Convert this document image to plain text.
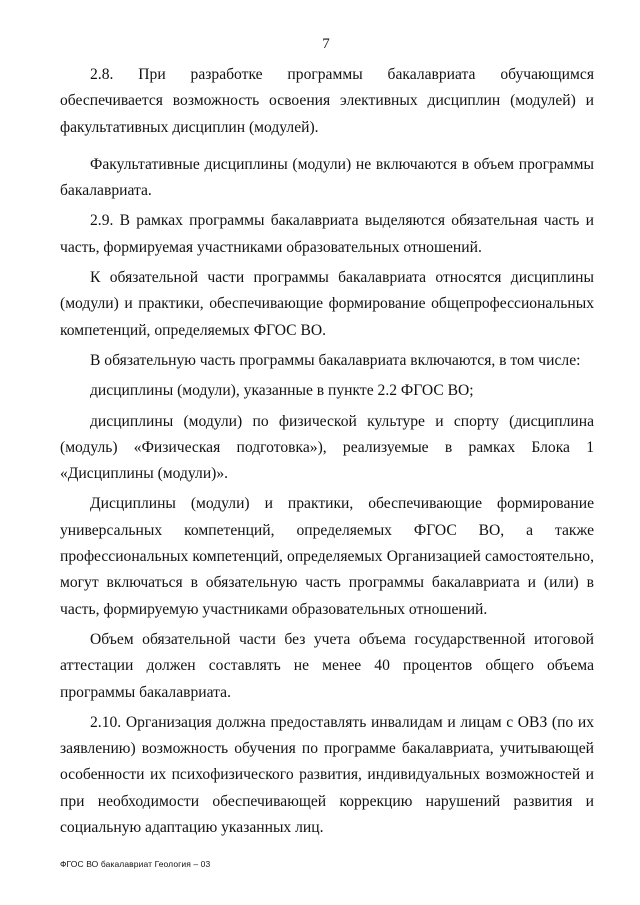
7

2.8. При разработке программы бакалавриата обучающимся обеспечивается возможность освоения элективных дисциплин (модулей) и факультативных дисциплин (модулей).

Факультативные дисциплины (модули) не включаются в объем программы бакалавриата.

2.9. В рамках программы бакалавриата выделяются обязательная часть и часть, формируемая участниками образовательных отношений.

К обязательной части программы бакалавриата относятся дисциплины (модули) и практики, обеспечивающие формирование общепрофессиональных компетенций, определяемых ФГОС ВО.

В обязательную часть программы бакалавриата включаются, в том числе:

дисциплины (модули), указанные в пункте 2.2 ФГОС ВО;

дисциплины (модули) по физической культуре и спорту (дисциплина (модуль) «Физическая подготовка»), реализуемые в рамках Блока 1 «Дисциплины (модули)».

Дисциплины (модули) и практики, обеспечивающие формирование универсальных компетенций, определяемых ФГОС ВО, а также профессиональных компетенций, определяемых Организацией самостоятельно, могут включаться в обязательную часть программы бакалавриата и (или) в часть, формируемую участниками образовательных отношений.

Объем обязательной части без учета объема государственной итоговой аттестации должен составлять не менее 40 процентов общего объема программы бакалавриата.

2.10. Организация должна предоставлять инвалидам и лицам с ОВЗ (по их заявлению) возможность обучения по программе бакалавриата, учитывающей особенности их психофизического развития, индивидуальных возможностей и при необходимости обеспечивающей коррекцию нарушений развития и социальную адаптацию указанных лиц.

ФГОС ВО бакалавриат Геология – 03
